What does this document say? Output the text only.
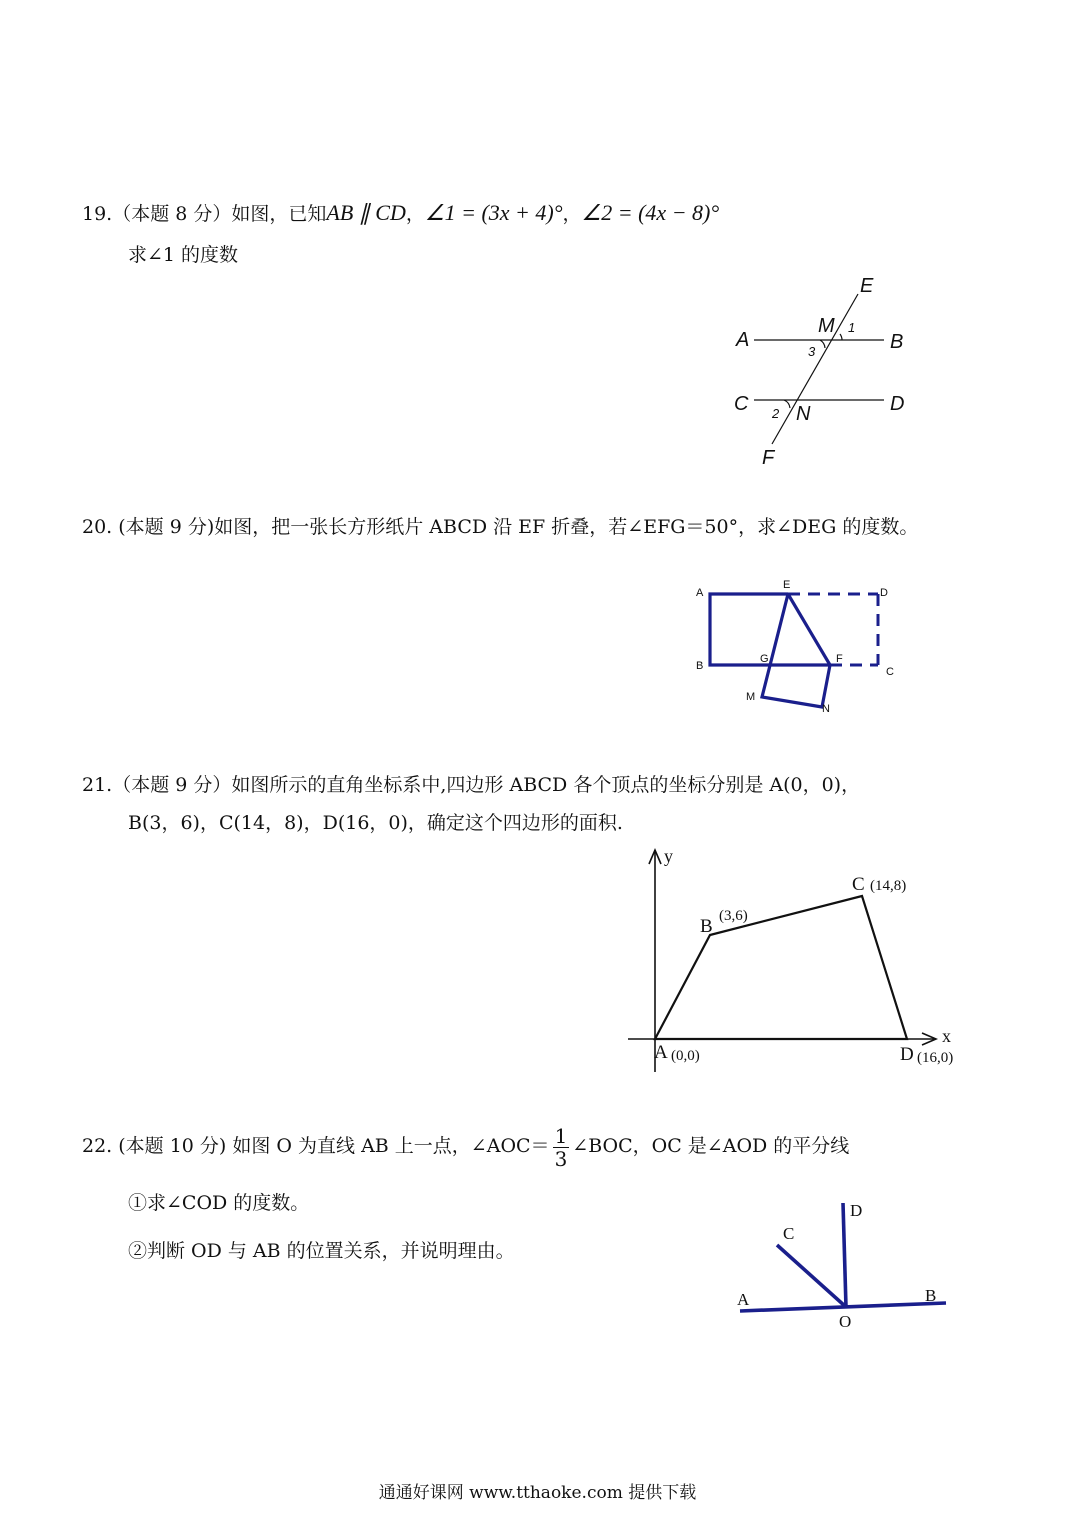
19.（本题 8 分）如图，已知AB ∥ CD，∠1 = (3x + 4)°，∠2 = (4x − 8)°
求∠1 的度数
E
A
M 1
B
3
C 2 N	D
F
20. (本题 9 分)如图，把一张长方形纸片 ABCD 沿 EF 折叠，若∠EFG＝50°，求∠DEG 的度数。
A
E
D
B
G	F
C
M
N
21.（本题 9 分）如图所示的直角坐标系中,四边形 ABCD 各个顶点的坐标分别是 A(0，0)，
B(3，6)，C(14，8)，D(16，0)，确定这个四边形的面积.
y
x
A (0,0)
B (3,6)
C (14,8)
D (16,0)
22. (本题 10 分) 如图 O 为直线 AB 上一点，∠AOC＝ $\frac{1}{3}$ ∠BOC，OC 是∠AOD 的平分线
①求∠COD 的度数。
②判断 OD 与 AB 的位置关系，并说明理由。
C
D
A	B
O
通通好课网 www.tthaoke.com 提供下载
